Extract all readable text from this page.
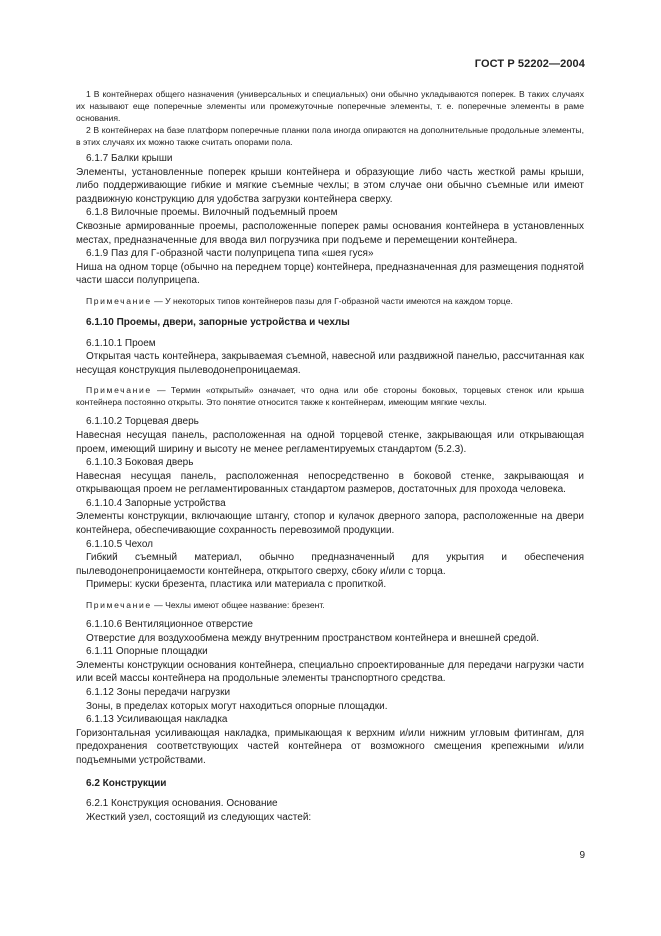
ГОСТ Р 52202—2004

1 В контейнерах общего назначения (универсальных и специальных) они обычно укладываются поперек. В таких случаях их называют еще поперечные элементы или промежуточные поперечные элементы, т. е. поперечные элементы в раме основания.

2 В контейнерах на базе платформ поперечные планки пола иногда опираются на дополнительные продольные элементы, в этих случаях их можно также считать опорами пола.

6.1.7 Балки крыши

Элементы, установленные поперек крыши контейнера и образующие либо часть жесткой рамы крыши, либо поддерживающие гибкие и мягкие съемные чехлы; в этом случае они обычно съемные или имеют раздвижную конструкцию для удобства загрузки контейнера сверху.

6.1.8 Вилочные проемы. Вилочный подъемный проем

Сквозные армированные проемы, расположенные поперек рамы основания контейнера в установленных местах, предназначенные для ввода вил погрузчика при подъеме и перемещении контейнера.

6.1.9 Паз для Г-образной части полуприцепа типа «шея гуся»

Ниша на одном торце (обычно на переднем торце) контейнера, предназначенная для размещения поднятой части шасси полуприцепа.

Примечание — У некоторых типов контейнеров пазы для Г-образной части имеются на каждом торце.

6.1.10 Проемы, двери, запорные устройства и чехлы

6.1.10.1 Проем

Открытая часть контейнера, закрываемая съемной, навесной или раздвижной панелью, рассчитанная как несущая конструкция пылеводонепроницаемая.

Примечание — Термин «открытый» означает, что одна или обе стороны боковых, торцевых стенок или крыша контейнера постоянно открыты. Это понятие относится также к контейнерам, имеющим мягкие чехлы.

6.1.10.2 Торцевая дверь

Навесная несущая панель, расположенная на одной торцевой стенке, закрывающая или открывающая проем, имеющий ширину и высоту не менее регламентируемых стандартом (5.2.3).

6.1.10.3 Боковая дверь

Навесная несущая панель, расположенная непосредственно в боковой стенке, закрывающая и открывающая проем не регламентированных стандартом размеров, достаточных для прохода человека.

6.1.10.4 Запорные устройства

Элементы конструкции, включающие штангу, стопор и кулачок дверного запора, расположенные на двери контейнера, обеспечивающие сохранность перевозимой продукции.

6.1.10.5 Чехол

Гибкий съемный материал, обычно предназначенный для укрытия и обеспечения пылеводонепроницаемости контейнера, открытого сверху, сбоку и/или с торца.

Примеры: куски брезента, пластика или материала с пропиткой.

Примечание — Чехлы имеют общее название: брезент.

6.1.10.6 Вентиляционное отверстие

Отверстие для воздухообмена между внутренним пространством контейнера и внешней средой.

6.1.11 Опорные площадки

Элементы конструкции основания контейнера, специально спроектированные для передачи нагрузки части или всей массы контейнера на продольные элементы транспортного средства.

6.1.12 Зоны передачи нагрузки

Зоны, в пределах которых могут находиться опорные площадки.

6.1.13 Усиливающая накладка

Горизонтальная усиливающая накладка, примыкающая к верхним и/или нижним угловым фитингам, для предохранения соответствующих частей контейнера от возможного смещения крепежными и/или подъемными устройствами.

6.2 Конструкции

6.2.1 Конструкция основания. Основание

Жесткий узел, состоящий из следующих частей:

9
